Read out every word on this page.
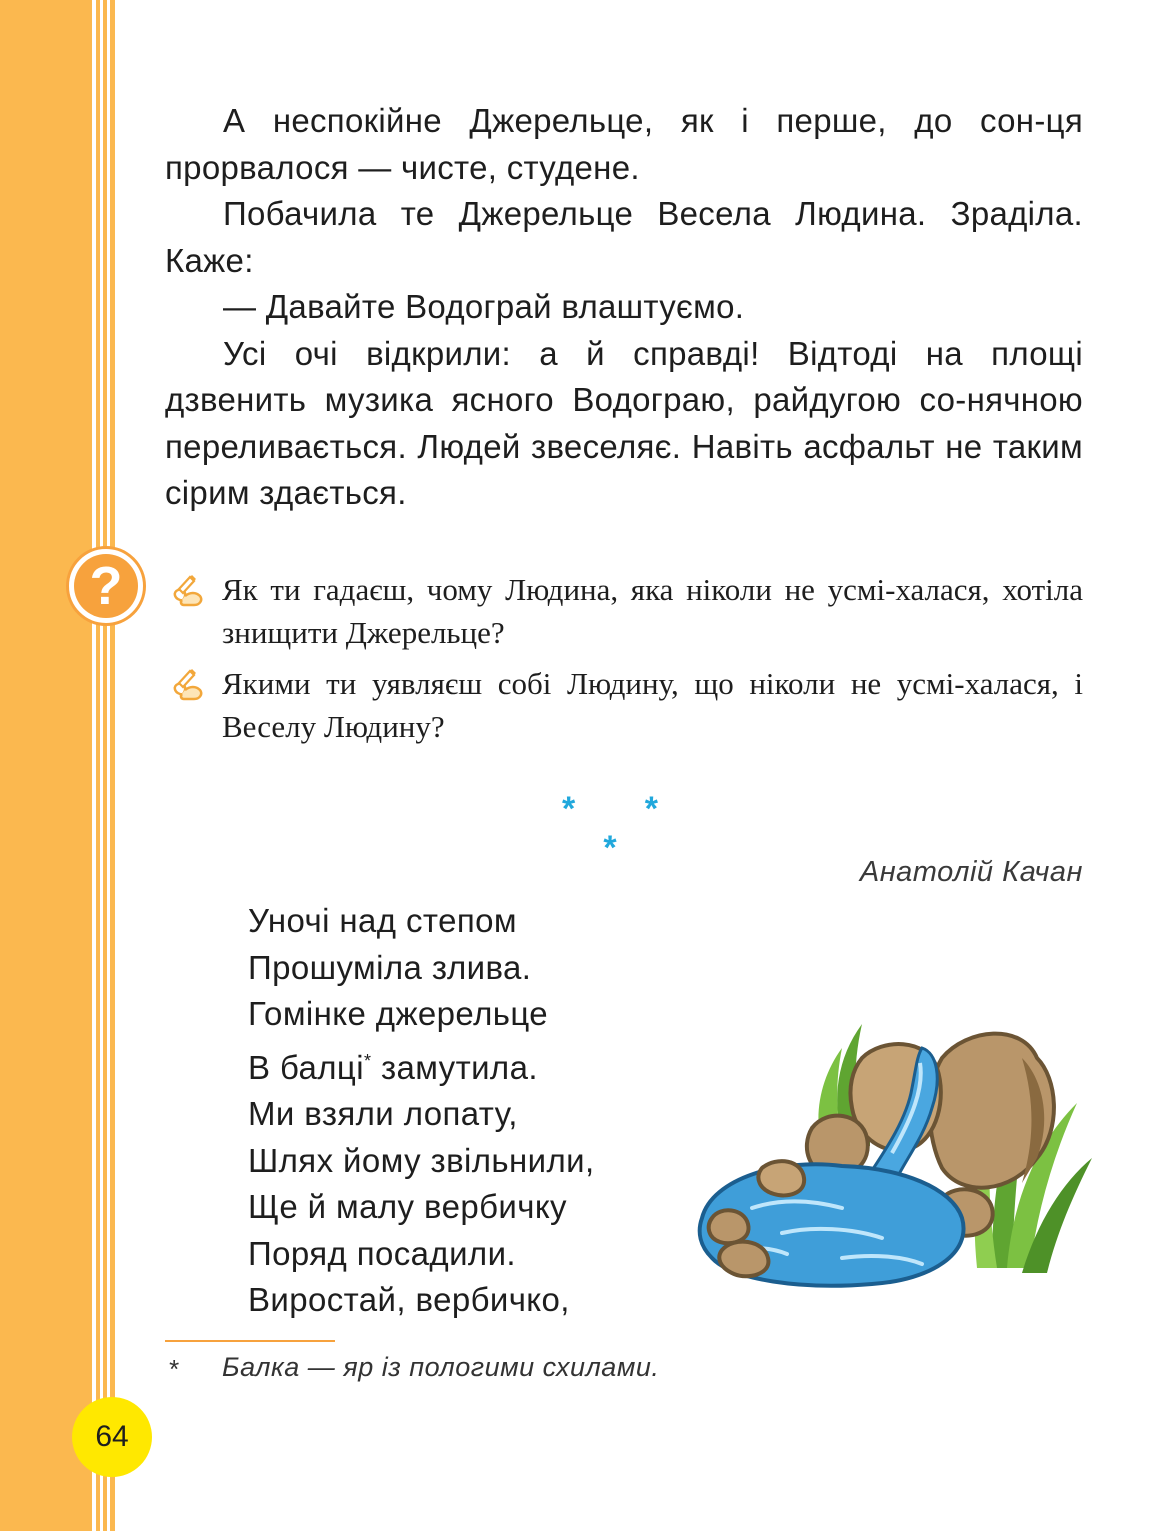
А неспокійне Джерельце, як і перше, до сон-ця прорвалося — чисте, студене.

Побачила те Джерельце Весела Людина. Зраділа. Каже:

— Давайте Водограй влаштуємо.

Усі очі відкрили: а й справді! Відтоді на площі дзвенить музика ясного Водограю, райдугою со-нячною переливається. Людей звеселяє. Навіть асфальт не таким сірим здається.

?	Як ти гадаєш, чому Людина, яка ніколи не усмі-халася, хотіла знищити Джерельце?
Якими ти уявляєш собі Людину, що ніколи не усмі-халася, і Веселу Людину?
* * *
Анатолій Качан
Уночі над степом
Прошуміла злива.
Гомінке джерельце
В балці* замутила.
Ми взяли лопату,
Шлях йому звільнили,
Ще й малу вербичку
Поряд посадили.
Виростай, вербичко,
* Балка — яр із пологими схилами.
64
